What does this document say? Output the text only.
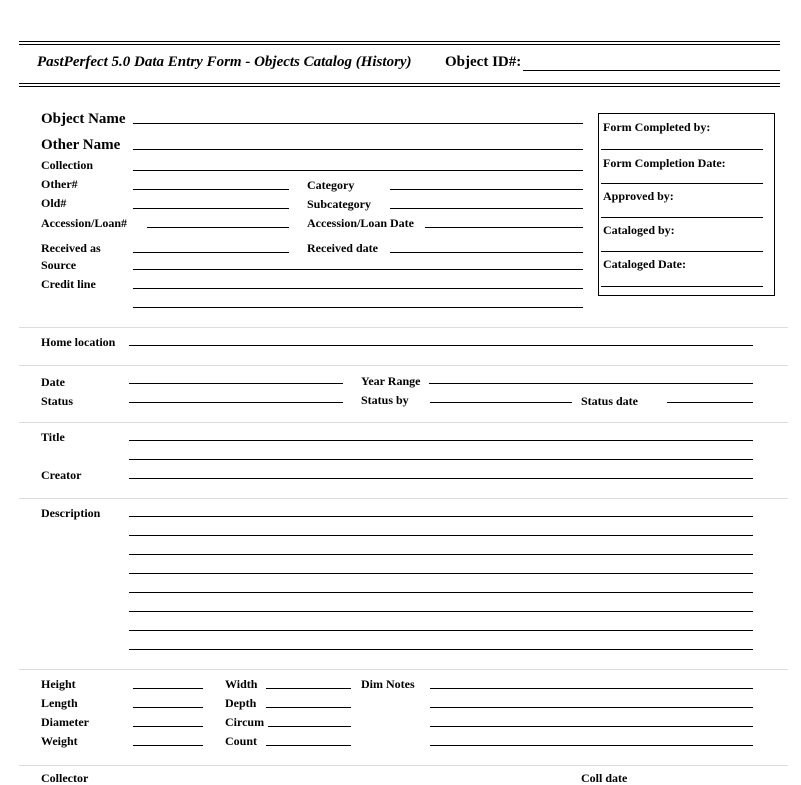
PastPerfect 5.0 Data Entry Form - Objects Catalog (History) Object ID#:
Object Name
Other Name
Collection
Other#	Category
Old#	Subcategory
Accession/Loan#	Accession/Loan Date
Received as	Received date
Source
Credit line
Form Completed by:
Form Completion Date:
Approved by:
Cataloged by:
Cataloged Date:
Home location
Date	Year Range
Status	Status by	Status date
Title
Creator
Description
Height	Width	Dim Notes
Length	Depth
Diameter	Circum
Weight	Count
Collector	Coll date
